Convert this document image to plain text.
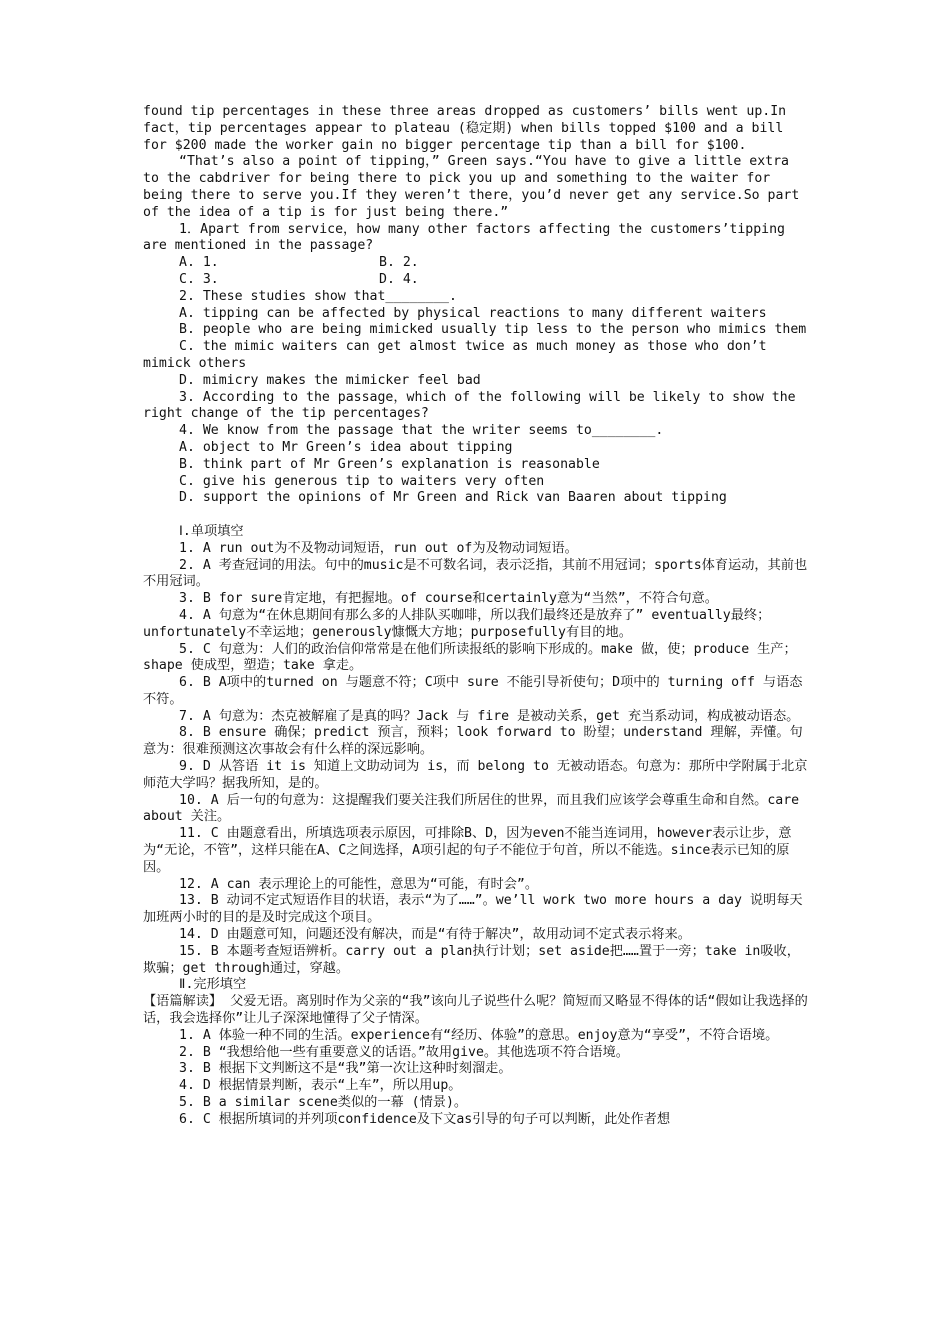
found tip percentages in these three areas dropped as customers’ bills went up.In fact，tip percentages appear to plateau (稳定期) when bills topped $100 and a bill for $200 made the worker gain no bigger percentage tip than a bill for $100.

“That’s also a point of tipping，” Green says.“You have to give a little extra to the cabdriver for being there to pick you up and something to the waiter for being there to serve you.If they weren’t there，you’d never get any service.So part of the idea of a tip is for just being there.”

1．Apart from service，how many other factors affecting the customers’tipping are mentioned in the passage?

A. 1.	B. 2.
C. 3.	D. 4.

2. These studies show that________.

A. tipping can be affected by physical reactions to many different waiters

B. people who are being mimicked usually tip less to the person who mimics them

C. the mimic waiters can get almost twice as much money as those who don’t mimick others

D. mimicry makes the mimicker feel bad

3. According to the passage，which of the following will be likely to show the right change of the tip percentages?

4. We know from the passage that the writer seems to________.

A. object to Mr Green’s idea about tipping

B. think part of Mr Green’s explanation is reasonable

C. give his generous tip to waiters very often

D. support the opinions of Mr Green and Rick van Baaren about tipping

Ⅰ.单项填空

1. A run out为不及物动词短语，run out of为及物动词短语。

2. A 考查冠词的用法。句中的music是不可数名词，表示泛指，其前不用冠词；sports体育运动，其前也不用冠词。

3. B for sure肯定地，有把握地。of course和certainly意为“当然”，不符合句意。

4. A 句意为“在休息期间有那么多的人排队买咖啡，所以我们最终还是放弃了” eventually最终；unfortunately不幸运地；generously慷慨大方地；purposefully有目的地。

5. C 句意为：人们的政治信仰常常是在他们所读报纸的影响下形成的。make 做，使；produce 生产；shape 使成型，塑造；take 拿走。

6. B A项中的turned on 与题意不符；C项中 sure 不能引导祈使句；D项中的 turning off 与语态不符。

7. A 句意为：杰克被解雇了是真的吗？Jack 与 fire 是被动关系，get 充当系动词，构成被动语态。

8. B ensure 确保；predict 预言，预料；look forward to 盼望；understand 理解，弄懂。句意为：很难预测这次事故会有什么样的深远影响。

9. D 从答语 it is 知道上文助动词为 is，而 belong to 无被动语态。句意为：那所中学附属于北京师范大学吗？据我所知，是的。

10. A 后一句的句意为：这提醒我们要关注我们所居住的世界，而且我们应该学会尊重生命和自然。care about 关注。

11. C 由题意看出，所填选项表示原因，可排除B、D，因为even不能当连词用，however表示让步，意为“无论，不管”，这样只能在A、C之间选择，A项引起的句子不能位于句首，所以不能选。since表示已知的原因。

12. A can 表示理论上的可能性，意思为“可能，有时会”。

13. B 动词不定式短语作目的状语，表示“为了……”。we’ll work two more hours a day 说明每天加班两小时的目的是及时完成这个项目。

14. D 由题意可知，问题还没有解决，而是“有待于解决”，故用动词不定式表示将来。

15. B 本题考查短语辨析。carry out a plan执行计划；set aside把……置于一旁；take in吸收，欺骗；get through通过，穿越。

Ⅱ.完形填空

【语篇解读】 父爱无语。离别时作为父亲的“我”该向儿子说些什么呢？简短而又略显不得体的话“假如让我选择的话，我会选择你”让儿子深深地懂得了父子情深。

1. A 体验一种不同的生活。experience有“经历、体验”的意思。enjoy意为“享受”，不符合语境。

2. B “我想给他一些有重要意义的话语。”故用give。其他选项不符合语境。

3. B 根据下文判断这不是“我”第一次让这种时刻溜走。

4. D 根据情景判断，表示“上车”，所以用up。

5. B a similar scene类似的一幕 (情景)。

6. C 根据所填词的并列项confidence及下文as引导的句子可以判断，此处作者想
